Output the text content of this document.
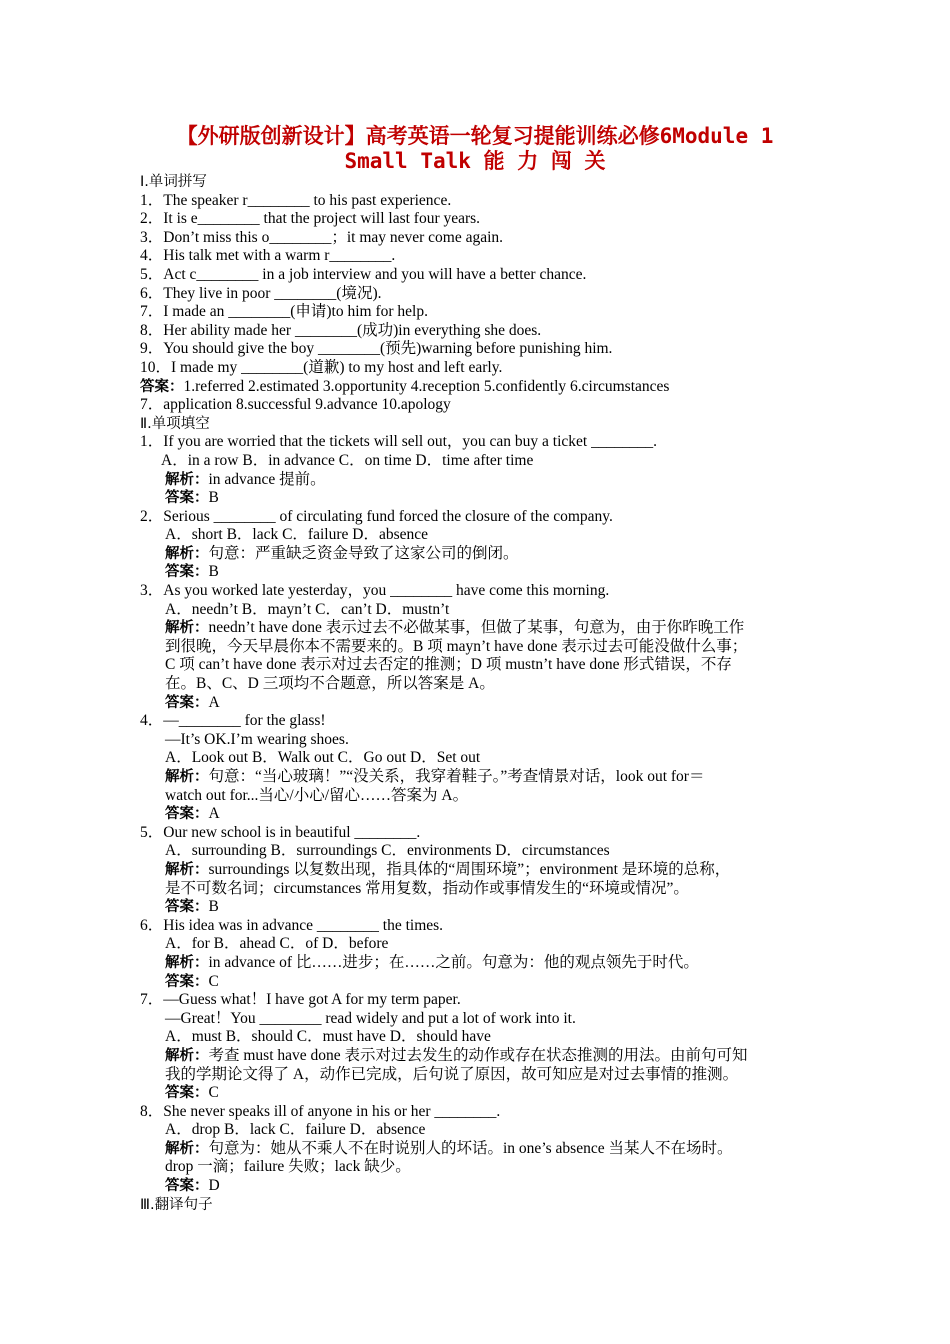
【外研版创新设计】高考英语一轮复习提能训练必修6Module 1
Small Talk 能 力 闯 关
Ⅰ.单词拼写
1．The speaker r________ to his past experience.
2．It is e________ that the project will last four years.
3．Don’t miss this o________；it may never come again.
4．His talk met with a warm r________.
5．Act c________ in a job interview and you will have a better chance.
6．They live in poor ________(境况).
7．I made an ________(申请)to him for help.
8．Her ability made her ________(成功)in everything she does.
9．You should give the boy ________(预先)warning before punishing him.
10．I made my ________(道歉) to my host and left early.
答案：1.referred 2.estimated 3.opportunity 4.reception 5.confidently 6.circumstances
7．application 8.successful 9.advance 10.apology
Ⅱ.单项填空
1．If you are worried that the tickets will sell out，you can buy a ticket ________.
A．in a row B．in advance C．on time D．time after time
解析：in advance 提前。
答案：B
2．Serious ________ of circulating fund forced the closure of the company.
A．short B．lack C．failure D．absence
解析：句意：严重缺乏资金导致了这家公司的倒闭。
答案：B
3．As you worked late yesterday，you ________ have come this morning.
A．needn’t B．mayn’t C．can’t D．mustn’t
解析：needn’t have done 表示过去不必做某事，但做了某事，句意为，由于你昨晚工作
到很晚，今天早晨你本不需要来的。B 项 mayn’t have done 表示过去可能没做什么事；
C 项 can’t have done 表示对过去否定的推测；D 项 mustn’t have done 形式错误，不存
在。B、C、D 三项均不合题意，所以答案是 A。
答案：A
4．—________ for the glass!
—It’s OK.I’m wearing shoes.
A．Look out B．Walk out C．Go out D．Set out
解析：句意：“当心玻璃！”“没关系，我穿着鞋子。”考查情景对话，look out for＝
watch out for...当心/小心/留心……答案为 A。
答案：A
5．Our new school is in beautiful ________.
A．surrounding B．surroundings C．environments D．circumstances
解析：surroundings 以复数出现，指具体的“周围环境”；environment 是环境的总称，
是不可数名词；circumstances 常用复数，指动作或事情发生的“环境或情况”。
答案：B
6．His idea was in advance ________ the times.
A．for B．ahead C．of D．before
解析：in advance of 比……进步；在……之前。句意为：他的观点领先于时代。
答案：C
7．—Guess what！I have got A for my term paper.
—Great！You ________ read widely and put a lot of work into it.
A．must B．should C．must have D．should have
解析：考查 must have done 表示对过去发生的动作或存在状态推测的用法。由前句可知
我的学期论文得了 A，动作已完成，后句说了原因，故可知应是对过去事情的推测。
答案：C
8．She never speaks ill of anyone in his or her ________.
A．drop B．lack C．failure D．absence
解析：句意为：她从不乘人不在时说别人的坏话。in one’s absence 当某人不在场时。
drop 一滴；failure 失败；lack 缺少。
答案：D
Ⅲ.翻译句子
